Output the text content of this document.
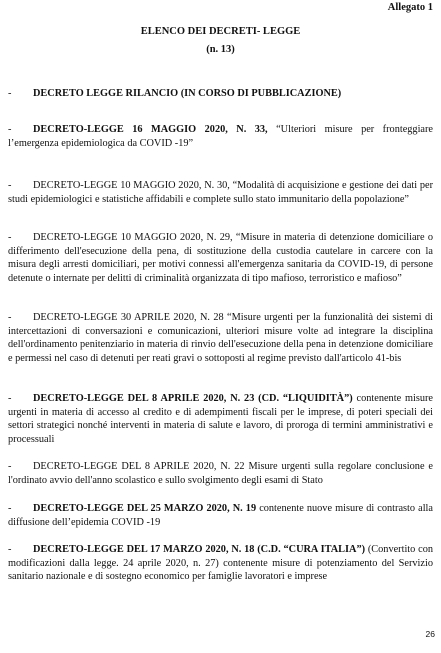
Allegato 1
ELENCO DEI DECRETI- LEGGE
(n. 13)

- DECRETO LEGGE RILANCIO (IN CORSO DI PUBBLICAZIONE)

- DECRETO-LEGGE 16 MAGGIO 2020, N. 33, “Ulteriori misure per fronteggiare l’emergenza epidemiologica da COVID -19”

- DECRETO-LEGGE 10 MAGGIO 2020, N. 30, “Modalità di acquisizione e gestione dei dati per studi epidemiologici e statistiche affidabili e complete sullo stato immunitario della popolazione”

- DECRETO-LEGGE 10 MAGGIO 2020, N. 29, “Misure in materia di detenzione domiciliare o differimento dell'esecuzione della pena, di sostituzione della custodia cautelare in carcere con la misura degli arresti domiciliari, per motivi connessi all'emergenza sanitaria da COVID-19, di persone detenute o internate per delitti di criminalità organizzata di tipo mafioso, terroristico e mafioso”

- DECRETO-LEGGE 30 APRILE 2020, N. 28 “Misure urgenti per la funzionalità dei sistemi di intercettazioni di conversazioni e comunicazioni, ulteriori misure volte ad integrare la disciplina dell'ordinamento penitenziario in materia di rinvio dell'esecuzione della pena in detenzione domiciliare e permessi nel caso di detenuti per reati gravi o sottoposti al regime previsto dall'articolo 41-bis

- DECRETO-LEGGE DEL 8 APRILE 2020, N. 23 (CD. “LIQUIDITÀ”) contenente misure urgenti in materia di accesso al credito e di adempimenti fiscali per le imprese, di poteri speciali dei settori strategici nonché interventi in materia di salute e lavoro, di proroga di termini amministrativi e processuali

- DECRETO-LEGGE DEL 8 APRILE 2020, N. 22 Misure urgenti sulla regolare conclusione e l'ordinato avvio dell'anno scolastico e sullo svolgimento degli esami di Stato

- DECRETO-LEGGE DEL 25 MARZO 2020, N. 19 contenente nuove misure di contrasto alla diffusione dell’epidemia COVID -19

- DECRETO-LEGGE DEL 17 MARZO 2020, N. 18 (C.D. “CURA ITALIA”) (Convertito con modificazioni dalla legge. 24 aprile 2020, n. 27) contenente misure di potenziamento del Servizio sanitario nazionale e di sostegno economico per famiglie lavoratori e imprese

26
